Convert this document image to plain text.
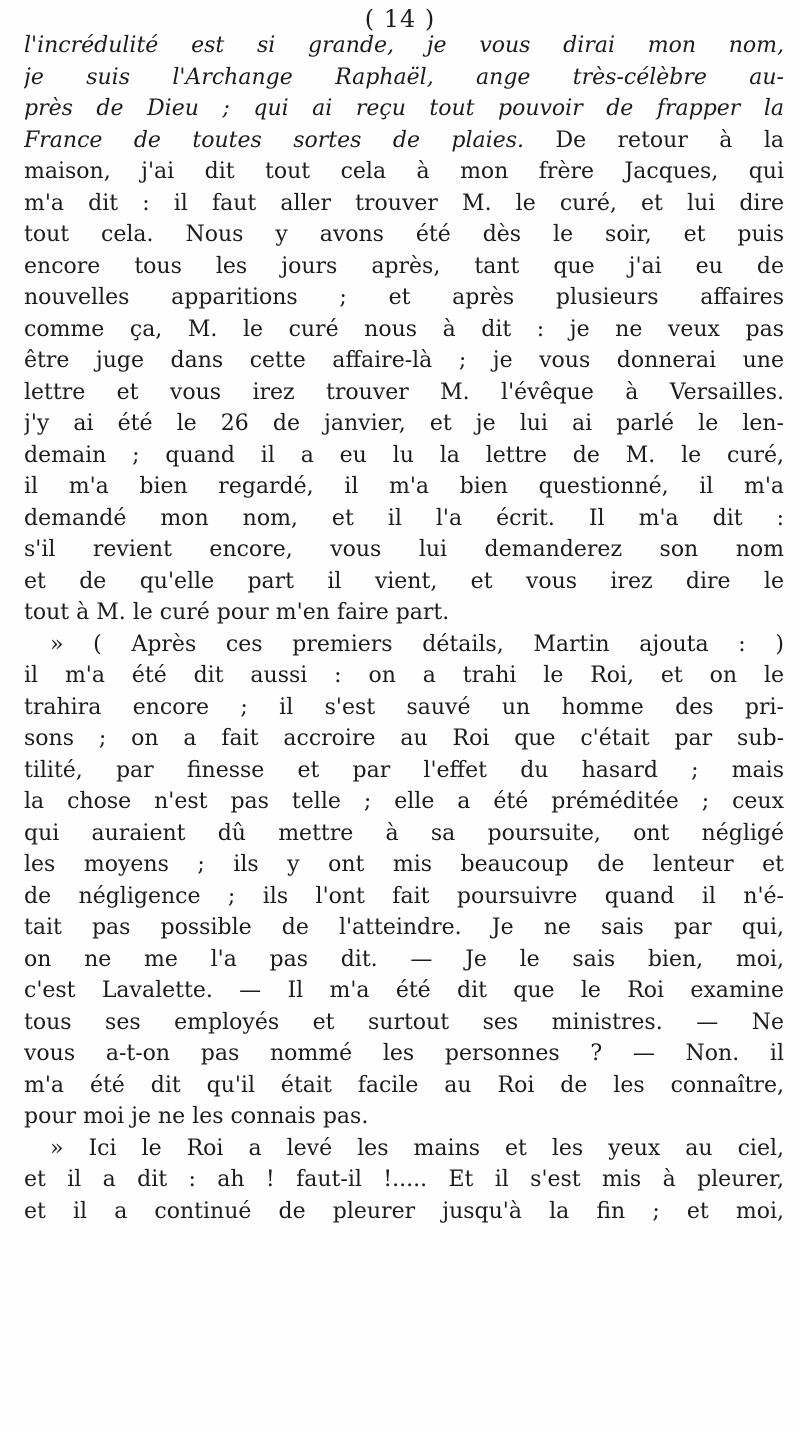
( 14 )
l'incrédulité est si grande, je vous dirai mon nom,
je suis l'Archange Raphaël, ange très-célèbre au-
près de Dieu ; qui ai reçu tout pouvoir de frapper la
France de toutes sortes de plaies. De retour à la
maison, j'ai dit tout cela à mon frère Jacques, qui
m'a dit : il faut aller trouver M. le curé, et lui dire
tout cela. Nous y avons été dès le soir, et puis
encore tous les jours après, tant que j'ai eu de
nouvelles apparitions ; et après plusieurs affaires
comme ça, M. le curé nous à dit : je ne veux pas
être juge dans cette affaire-là ; je vous donnerai une
lettre et vous irez trouver M. l'évêque à Versailles.
j'y ai été le 26 de janvier, et je lui ai parlé le len-
demain ; quand il a eu lu la lettre de M. le curé,
il m'a bien regardé, il m'a bien questionné, il m'a
demandé mon nom, et il l'a écrit. Il m'a dit :
s'il revient encore, vous lui demanderez son nom
et de qu'elle part il vient, et vous irez dire le
tout à M. le curé pour m'en faire part.
» ( Après ces premiers détails, Martin ajouta : )
il m'a été dit aussi : on a trahi le Roi, et on le
trahira encore ; il s'est sauvé un homme des pri-
sons ; on a fait accroire au Roi que c'était par sub-
tilité, par finesse et par l'effet du hasard ; mais
la chose n'est pas telle ; elle a été préméditée ; ceux
qui auraient dû mettre à sa poursuite, ont négligé
les moyens ; ils y ont mis beaucoup de lenteur et
de négligence ; ils l'ont fait poursuivre quand il n'é-
tait pas possible de l'atteindre. Je ne sais par qui,
on ne me l'a pas dit. — Je le sais bien, moi,
c'est Lavalette. — Il m'a été dit que le Roi examine
tous ses employés et surtout ses ministres. — Ne
vous a-t-on pas nommé les personnes ? — Non. il
m'a été dit qu'il était facile au Roi de les connaître,
pour moi je ne les connais pas.
» Ici le Roi a levé les mains et les yeux au ciel,
et il a dit : ah ! faut-il !..... Et il s'est mis à pleurer,
et il a continué de pleurer jusqu'à la fin ; et moi,
